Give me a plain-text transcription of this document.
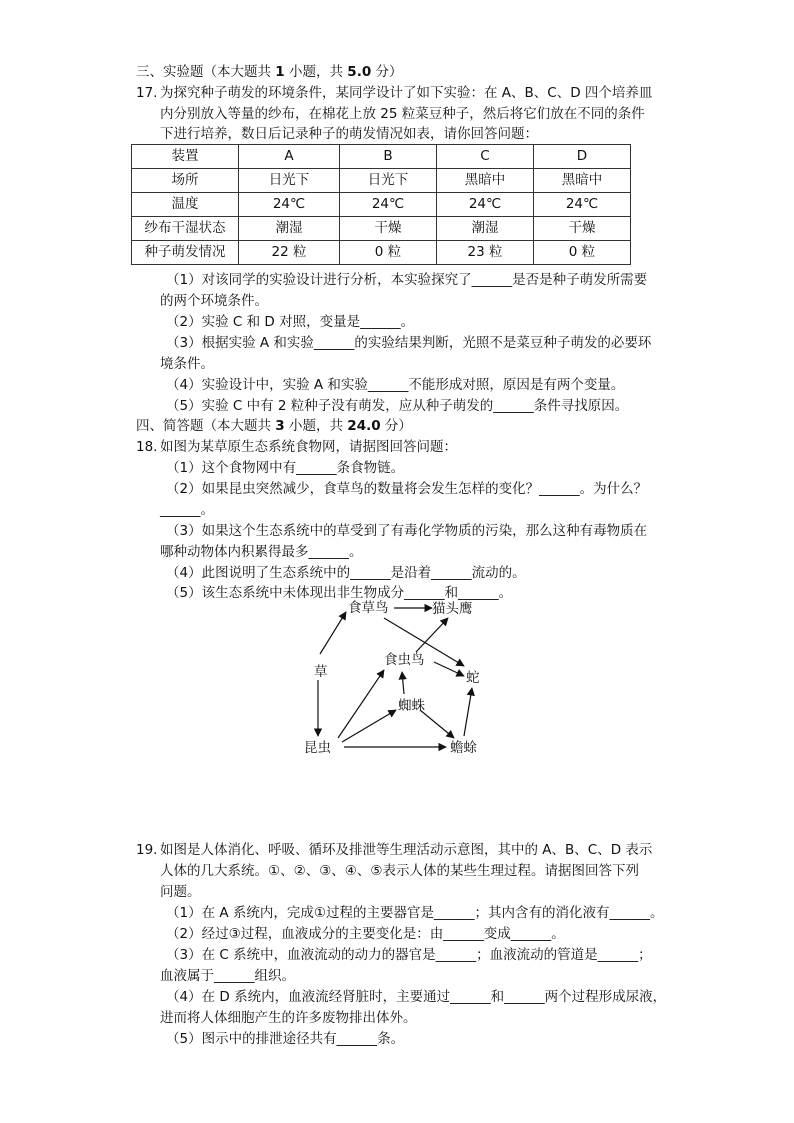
三、实验题（本大题共 1 小题，共 5.0 分）
17. 为探究种子萌发的环境条件，某同学设计了如下实验：在 A、B、C、D 四个培养皿
内分别放入等量的纱布，在棉花上放 25 粒菜豆种子，然后将它们放在不同的条件
下进行培养，数日后记录种子的萌发情况如表，请你回答问题：
装置	A	B	C	D
场所	日光下	日光下	黑暗中	黑暗中
温度	24℃	24℃	24℃	24℃
纱布干湿状态	潮湿	干燥	潮湿	干燥
种子萌发情况	22 粒	0 粒	23 粒	0 粒
（1）对该同学的实验设计进行分析，本实验探究了______是否是种子萌发所需要
的两个环境条件。
（2）实验 C 和 D 对照，变量是______。
（3）根据实验 A 和实验______的实验结果判断，光照不是菜豆种子萌发的必要环
境条件。
（4）实验设计中，实验 A 和实验______不能形成对照，原因是有两个变量。
（5）实验 C 中有 2 粒种子没有萌发，应从种子萌发的______条件寻找原因。
四、简答题（本大题共 3 小题，共 24.0 分）
18. 如图为某草原生态系统食物网，请据图回答问题：
（1）这个食物网中有______条食物链。
（2）如果昆虫突然减少，食草鸟的数量将会发生怎样的变化？______。为什么？
______。
（3）如果这个生态系统中的草受到了有毒化学物质的污染，那么这种有毒物质在
哪种动物体内积累得最多______。
（4）此图说明了生态系统中的______是沿着______流动的。
（5）该生态系统中未体现出非生物成分______和______。
食草鸟	猫头鹰
食虫鸟
草	蛇
蜘蛛
昆虫	蟾蜍
19. 如图是人体消化、呼吸、循环及排泄等生理活动示意图，其中的 A、B、C、D 表示
人体的几大系统。①、②、③、④、⑤表示人体的某些生理过程。请据图回答下列
问题。
（1）在 A 系统内，完成①过程的主要器官是______；其内含有的消化液有______。
（2）经过③过程，血液成分的主要变化是：由______变成______。
（3）在 C 系统中，血液流动的动力的器官是______；血液流动的管道是______；
血液属于______组织。
（4）在 D 系统内，血液流经肾脏时，主要通过______和______两个过程形成尿液，
进而将人体细胞产生的许多废物排出体外。
（5）图示中的排泄途径共有______条。
